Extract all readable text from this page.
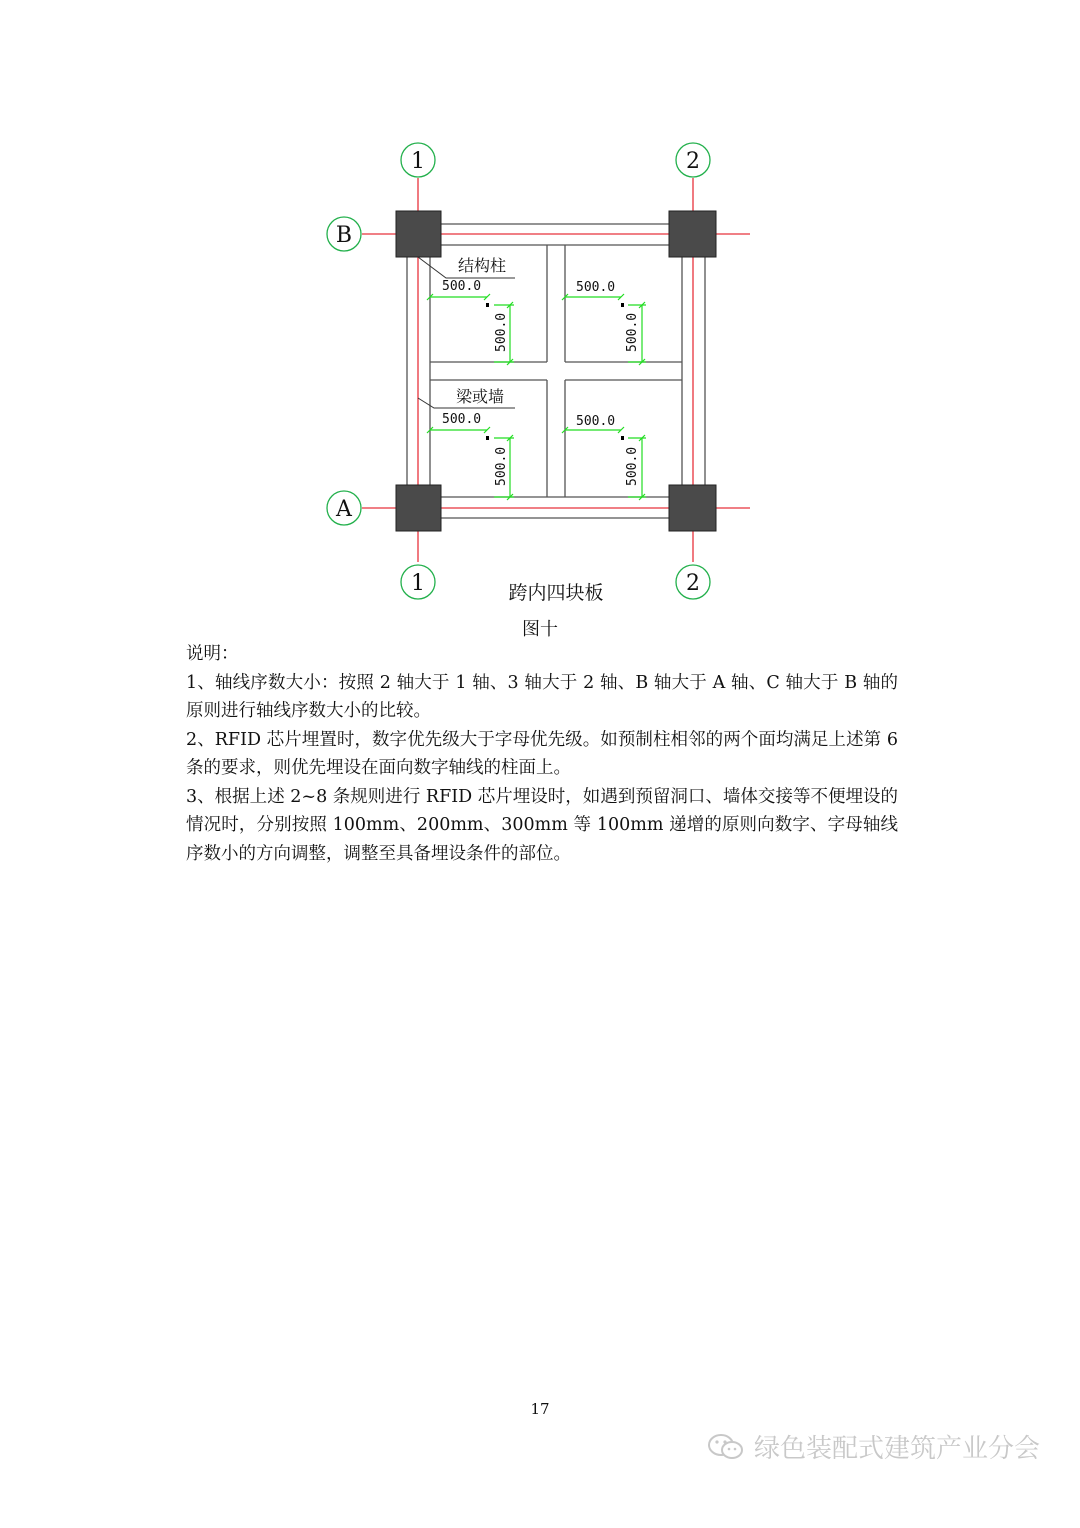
1	2
1	2
B
A
结构柱
梁或墙
500.0	500.0
500.0	500.0
500.0	500.0
500.0	500.0
跨内四块板
图十

说明：

1、轴线序数大小：按照 2 轴大于 1 轴、3 轴大于 2 轴、B 轴大于 A 轴、C 轴大于 B 轴的原则进行轴线序数大小的比较。

2、RFID 芯片埋置时，数字优先级大于字母优先级。如预制柱相邻的两个面均满足上述第 6 条的要求，则优先埋设在面向数字轴线的柱面上。

3、根据上述 2~8 条规则进行 RFID 芯片埋设时，如遇到预留洞口、墙体交接等不便埋设的情况时，分别按照 100mm、200mm、300mm 等 100mm 递增的原则向数字、字母轴线序数小的方向调整，调整至具备埋设条件的部位。

17
绿色装配式建筑产业分会
